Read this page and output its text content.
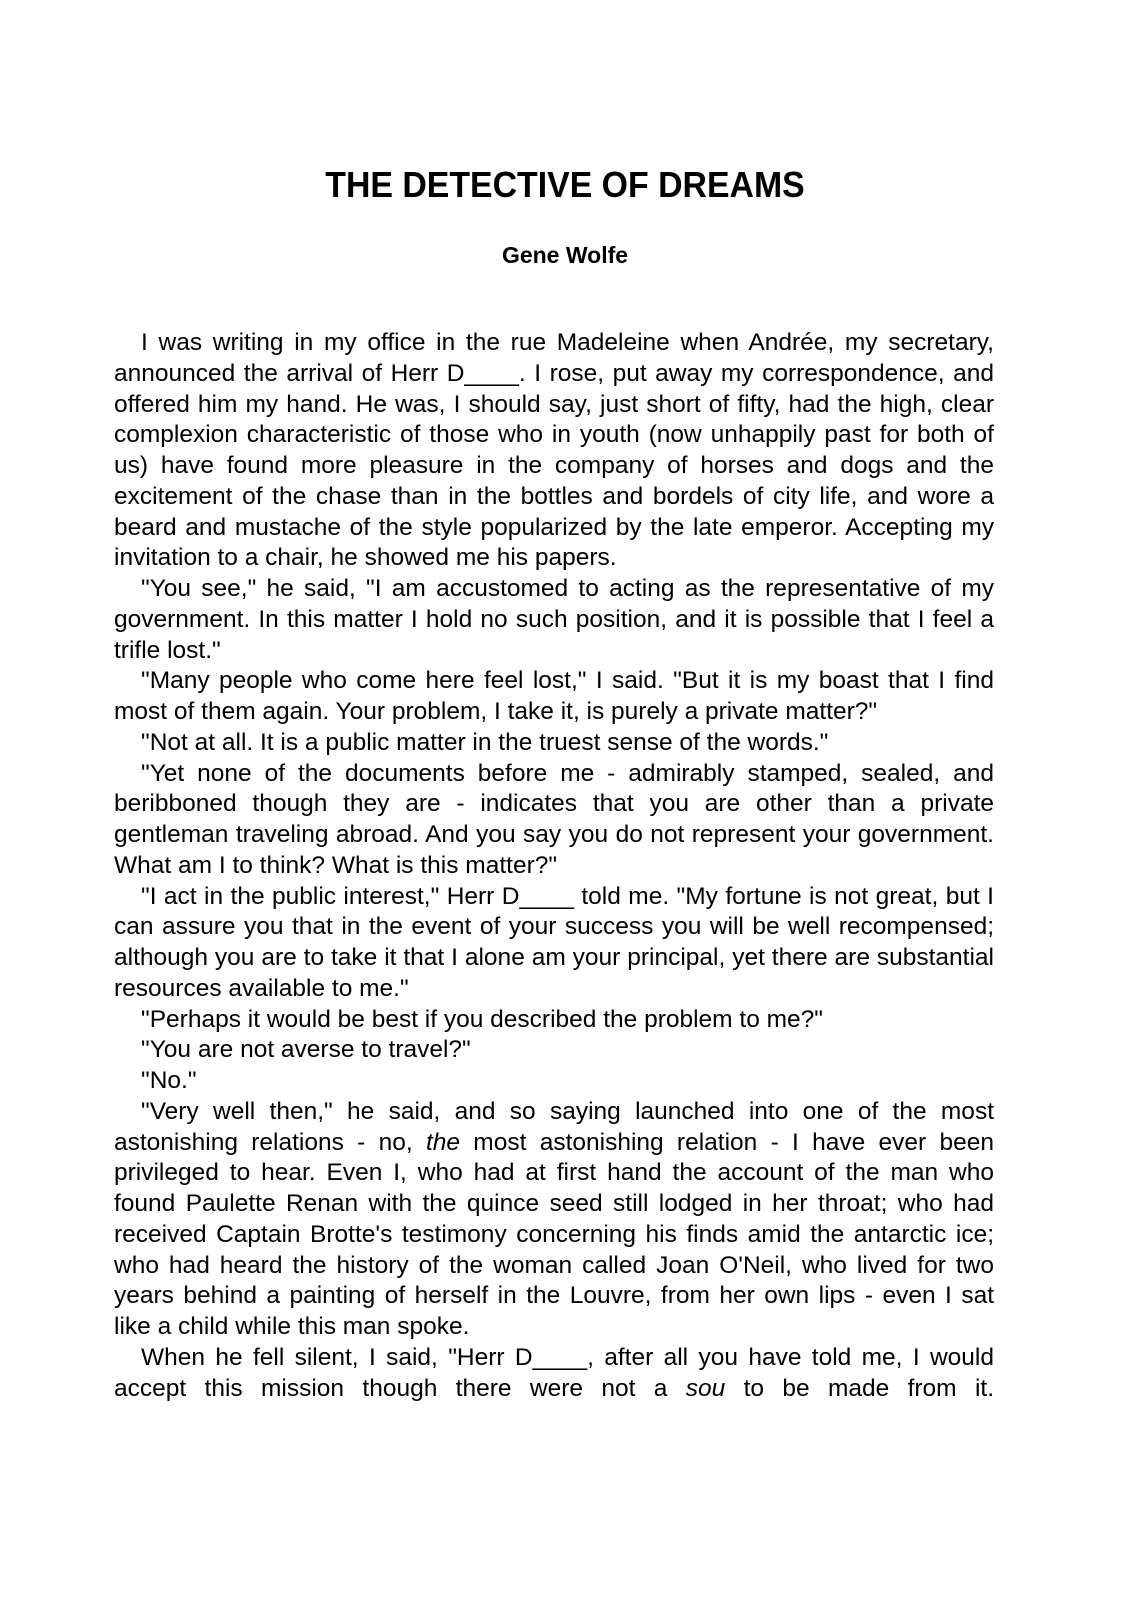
THE DETECTIVE OF DREAMS
Gene Wolfe

I was writing in my office in the rue Madeleine when Andrée, my secretary, announced the arrival of Herr D____. I rose, put away my correspondence, and offered him my hand. He was, I should say, just short of fifty, had the high, clear complexion characteristic of those who in youth (now unhappily past for both of us) have found more pleasure in the company of horses and dogs and the excitement of the chase than in the bottles and bordels of city life, and wore a beard and mustache of the style popularized by the late emperor. Accepting my invitation to a chair, he showed me his papers.

"You see," he said, "I am accustomed to acting as the representative of my government. In this matter I hold no such position, and it is possible that I feel a trifle lost."

"Many people who come here feel lost," I said. "But it is my boast that I find most of them again. Your problem, I take it, is purely a private matter?"

"Not at all. It is a public matter in the truest sense of the words."

"Yet none of the documents before me - admirably stamped, sealed, and beribboned though they are - indicates that you are other than a private gentleman traveling abroad. And you say you do not represent your government. What am I to think? What is this matter?"

"I act in the public interest," Herr D____ told me. "My fortune is not great, but I can assure you that in the event of your success you will be well recompensed; although you are to take it that I alone am your principal, yet there are substantial resources available to me."

"Perhaps it would be best if you described the problem to me?"

"You are not averse to travel?"

"No."

"Very well then," he said, and so saying launched into one of the most astonishing relations - no, the most astonishing relation - I have ever been privileged to hear. Even I, who had at first hand the account of the man who found Paulette Renan with the quince seed still lodged in her throat; who had received Captain Brotte's testimony concerning his finds amid the antarctic ice; who had heard the history of the woman called Joan O'Neil, who lived for two years behind a painting of herself in the Louvre, from her own lips - even I sat like a child while this man spoke.

When he fell silent, I said, "Herr D____, after all you have told me, I would accept this mission though there were not a sou to be made from it.
